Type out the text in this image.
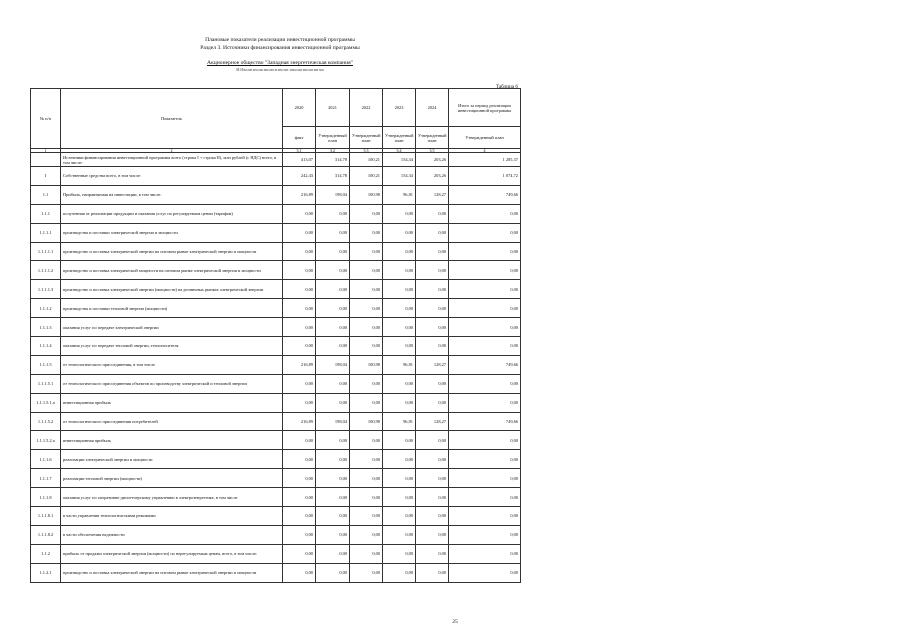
Плановые показатели реализации инвестиционной программы
Раздел 3. Источники финансирования инвестиционной программы
Акционерное общество "Западная энергетическая компания"
М.Изм.мм.мм.мм.мм.мм.м.мм.мм. ммм.мм.мм.мм.мм мм
Таблица 6
№ п/п	Показатель	2020	2021	2022	2023	2024	Итого за период реализации инвестиционной программы
		факт	Утвержденный план	Утвержденный план	Утвержденный план	Утвержденный план	Утвержденный план
1	2	3.1	3.2	3.3	3.4	3.5	4
	Источники финансирования инвестиционной программы всего (строка I + строка II), млн рублей (с НДС) всего, в том числе:	413,07	314,78	100,21	154,34	203,26	1 285,37
I	Собственные средства всего, в том числе:	242,43	314,78	100,21	154,34	203,26	1 074,72
1.1	Прибыль, направляемая на инвестиции, в том числе:	216,89	198,04	100,98	96,81	128,27	749,66
1.1.1	полученная от реализации продукции и оказания услуг по регулируемым ценам (тарифам)	0,00	0,00	0,00	0,00	0,00	0,00
1.1.1.1	производства и поставки электрической энергии и мощности	0,00	0,00	0,00	0,00	0,00	0,00
1.1.1.1.1	производство и поставка электрической энергии на оптовом рынке электрической энергии и мощности	0,00	0,00	0,00	0,00	0,00	0,00
1.1.1.1.2	производство и поставка электрической мощности на оптовом рынке электрической энергии и мощности	0,00	0,00	0,00	0,00	0,00	0,00
1.1.1.1.3	производство и поставка электрической энергии (мощности) на розничных рынках электрической энергии	0,00	0,00	0,00	0,00	0,00	0,00
1.1.1.2	производства и поставки тепловой энергии (мощности)	0,00	0,00	0,00	0,00	0,00	0,00
1.1.1.3	оказания услуг по передаче электрической энергии	0,00	0,00	0,00	0,00	0,00	0,00
1.1.1.4	оказания услуг по передаче тепловой энергии, теплоносителя	0,00	0,00	0,00	0,00	0,00	0,00
1.1.1.5	от технологического присоединения, в том числе	216,89	198,04	100,98	96,81	128,27	749,66
1.1.1.5.1	от технологического присоединения объектов по производству электрической и тепловой энергии	0,00	0,00	0,00	0,00	0,00	0,00
1.1.1.5.1.а	инвестиционная прибыль	0,00	0,00	0,00	0,00	0,00	0,00
1.1.1.5.2	от технологического присоединения потребителей	216,89	198,04	100,98	96,81	128,27	749,66
1.1.1.5.2.а	инвестиционная прибыль	0,00	0,00	0,00	0,00	0,00	0,00
1.1.1.6	реализации электрической энергии и мощности	0,00	0,00	0,00	0,00	0,00	0,00
1.1.1.7	реализации тепловой энергии (мощности)	0,00	0,00	0,00	0,00	0,00	0,00
1.1.1.8	оказания услуг по оперативно-диспетчерскому управлению в электроэнергетике, в том числе	0,00	0,00	0,00	0,00	0,00	0,00
1.1.1.8.1	в части управления технологическими режимами	0,00	0,00	0,00	0,00	0,00	0,00
1.1.1.8.2	в части обеспечения надежности	0,00	0,00	0,00	0,00	0,00	0,00
1.1.2	прибыль от продажи электрической энергии (мощности) по нерегулируемым ценам, всего, в том числе:	0,00	0,00	0,00	0,00	0,00	0,00
1.1.2.1	производство и поставка электрической энергии на оптовом рынке электрической энергии и мощности	0,00	0,00	0,00	0,00	0,00	0,00
25
